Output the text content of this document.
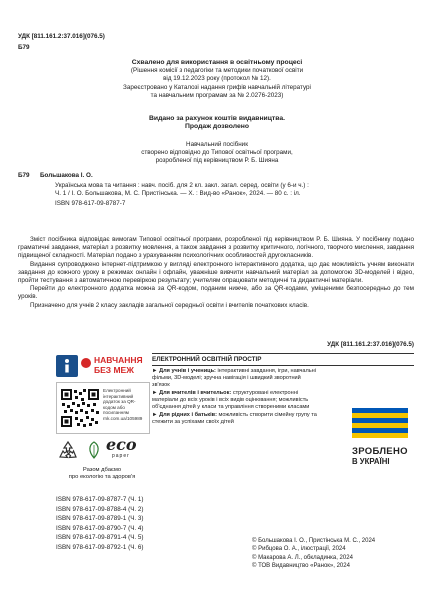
УДК [811.161.2:37.016](076.5)
Б79

Схвалено для використання в освітньому процесі

(Рішення комісії з педагогіки та методики початкової освіти

від 19.12.2023 року (протокол № 12).

Зареєстровано у Каталозі надання грифів навчальній літературі

та навчальним програмам за № 2.0276-2023)

Видано за рахунок коштів видавництва.

Продаж дозволено

Навчальний посібник

створено відповідно до Типової освітньої програми,

розробленої під керівництвом Р. Б. Шияна

Б79 Большакова І. О.

Українська мова та читання : навч. посіб. для 2 кл. закл. загал. серед. освіти (у 6-и ч.) :

Ч. 1 / І. О. Большакова, М. С. Пристінська. — Х. : Вид-во «Ранок», 2024. — 80 с. : іл.

ISBN 978-617-09-8787-7

Зміст посібника відповідає вимогам Типової освітньої програми, розробленої під керівництвом Р. Б. Шияна. У посібнику подано граматичні завдання, матеріал з розвитку мовлення, а також завдання з розвитку критичного, логічного, творчого мислення, завдання підвищеної складності. Матеріал подано з урахуванням психологічних особливостей другокласників.

Видання супроводжено інтернет-підтримкою у вигляді електронного інтерактивного додатка, що дає можливість учням виконати завдання до кожного уроку в режимах онлайн і офлайн, уважніше вивчити навчальний матеріал за допомогою 3D-моделей і відео, пройти тестування з автоматичною перевіркою результату; учителям опрацювати методичні та дидактичні матеріали.

Перейти до електронного додатка можна за QR-кодом, поданим нижче, або за QR-кодами, уміщеними безпосередньо до тем уроків.

Призначено для учнів 2 класу закладів загальної середньої освіти і вчителів початкових класів.

УДК [811.161.2:37.016](076.5)
НАВЧАННЯ
БЕЗ МЕЖ
Електронний інтерактивний додаток за QR-кодом або посиланням rnk.com.ua/105989
eco
paper

Разом дбаємо

про екологію та здоров'я

ЕЛЕКТРОННИЙ ОСВІТНІЙ ПРОСТІР

► Для учнів і учениць: інтерактивні завдання, ігри, навчальні фільми, 3D-моделі; зручна навігація і швидкий зворотний зв'язок

► Для вчителів і вчительок: структуровані електронні матеріали до всіх уроків і всіх видів оцінювання; можливість об'єднання дітей у класи та управління створеними класами

► Для рідних і батьків: можливість створити сімейну групу та стежити за успіхами своїх дітей

ЗРОБЛЕНО
В УКРАЇНІ

ISBN 978-617-09-8787-7 (Ч. 1)

ISBN 978-617-09-8788-4 (Ч. 2)

ISBN 978-617-09-8789-1 (Ч. 3)

ISBN 978-617-09-8790-7 (Ч. 4)

ISBN 978-617-09-8791-4 (Ч. 5)

ISBN 978-617-09-8792-1 (Ч. 6)

© Большакова І. О., Пристінська М. С., 2024

© Рибцова О. А., ілюстрації, 2024

© Макарова А. Л., обкладинка, 2024

© ТОВ Видавництво «Ранок», 2024
